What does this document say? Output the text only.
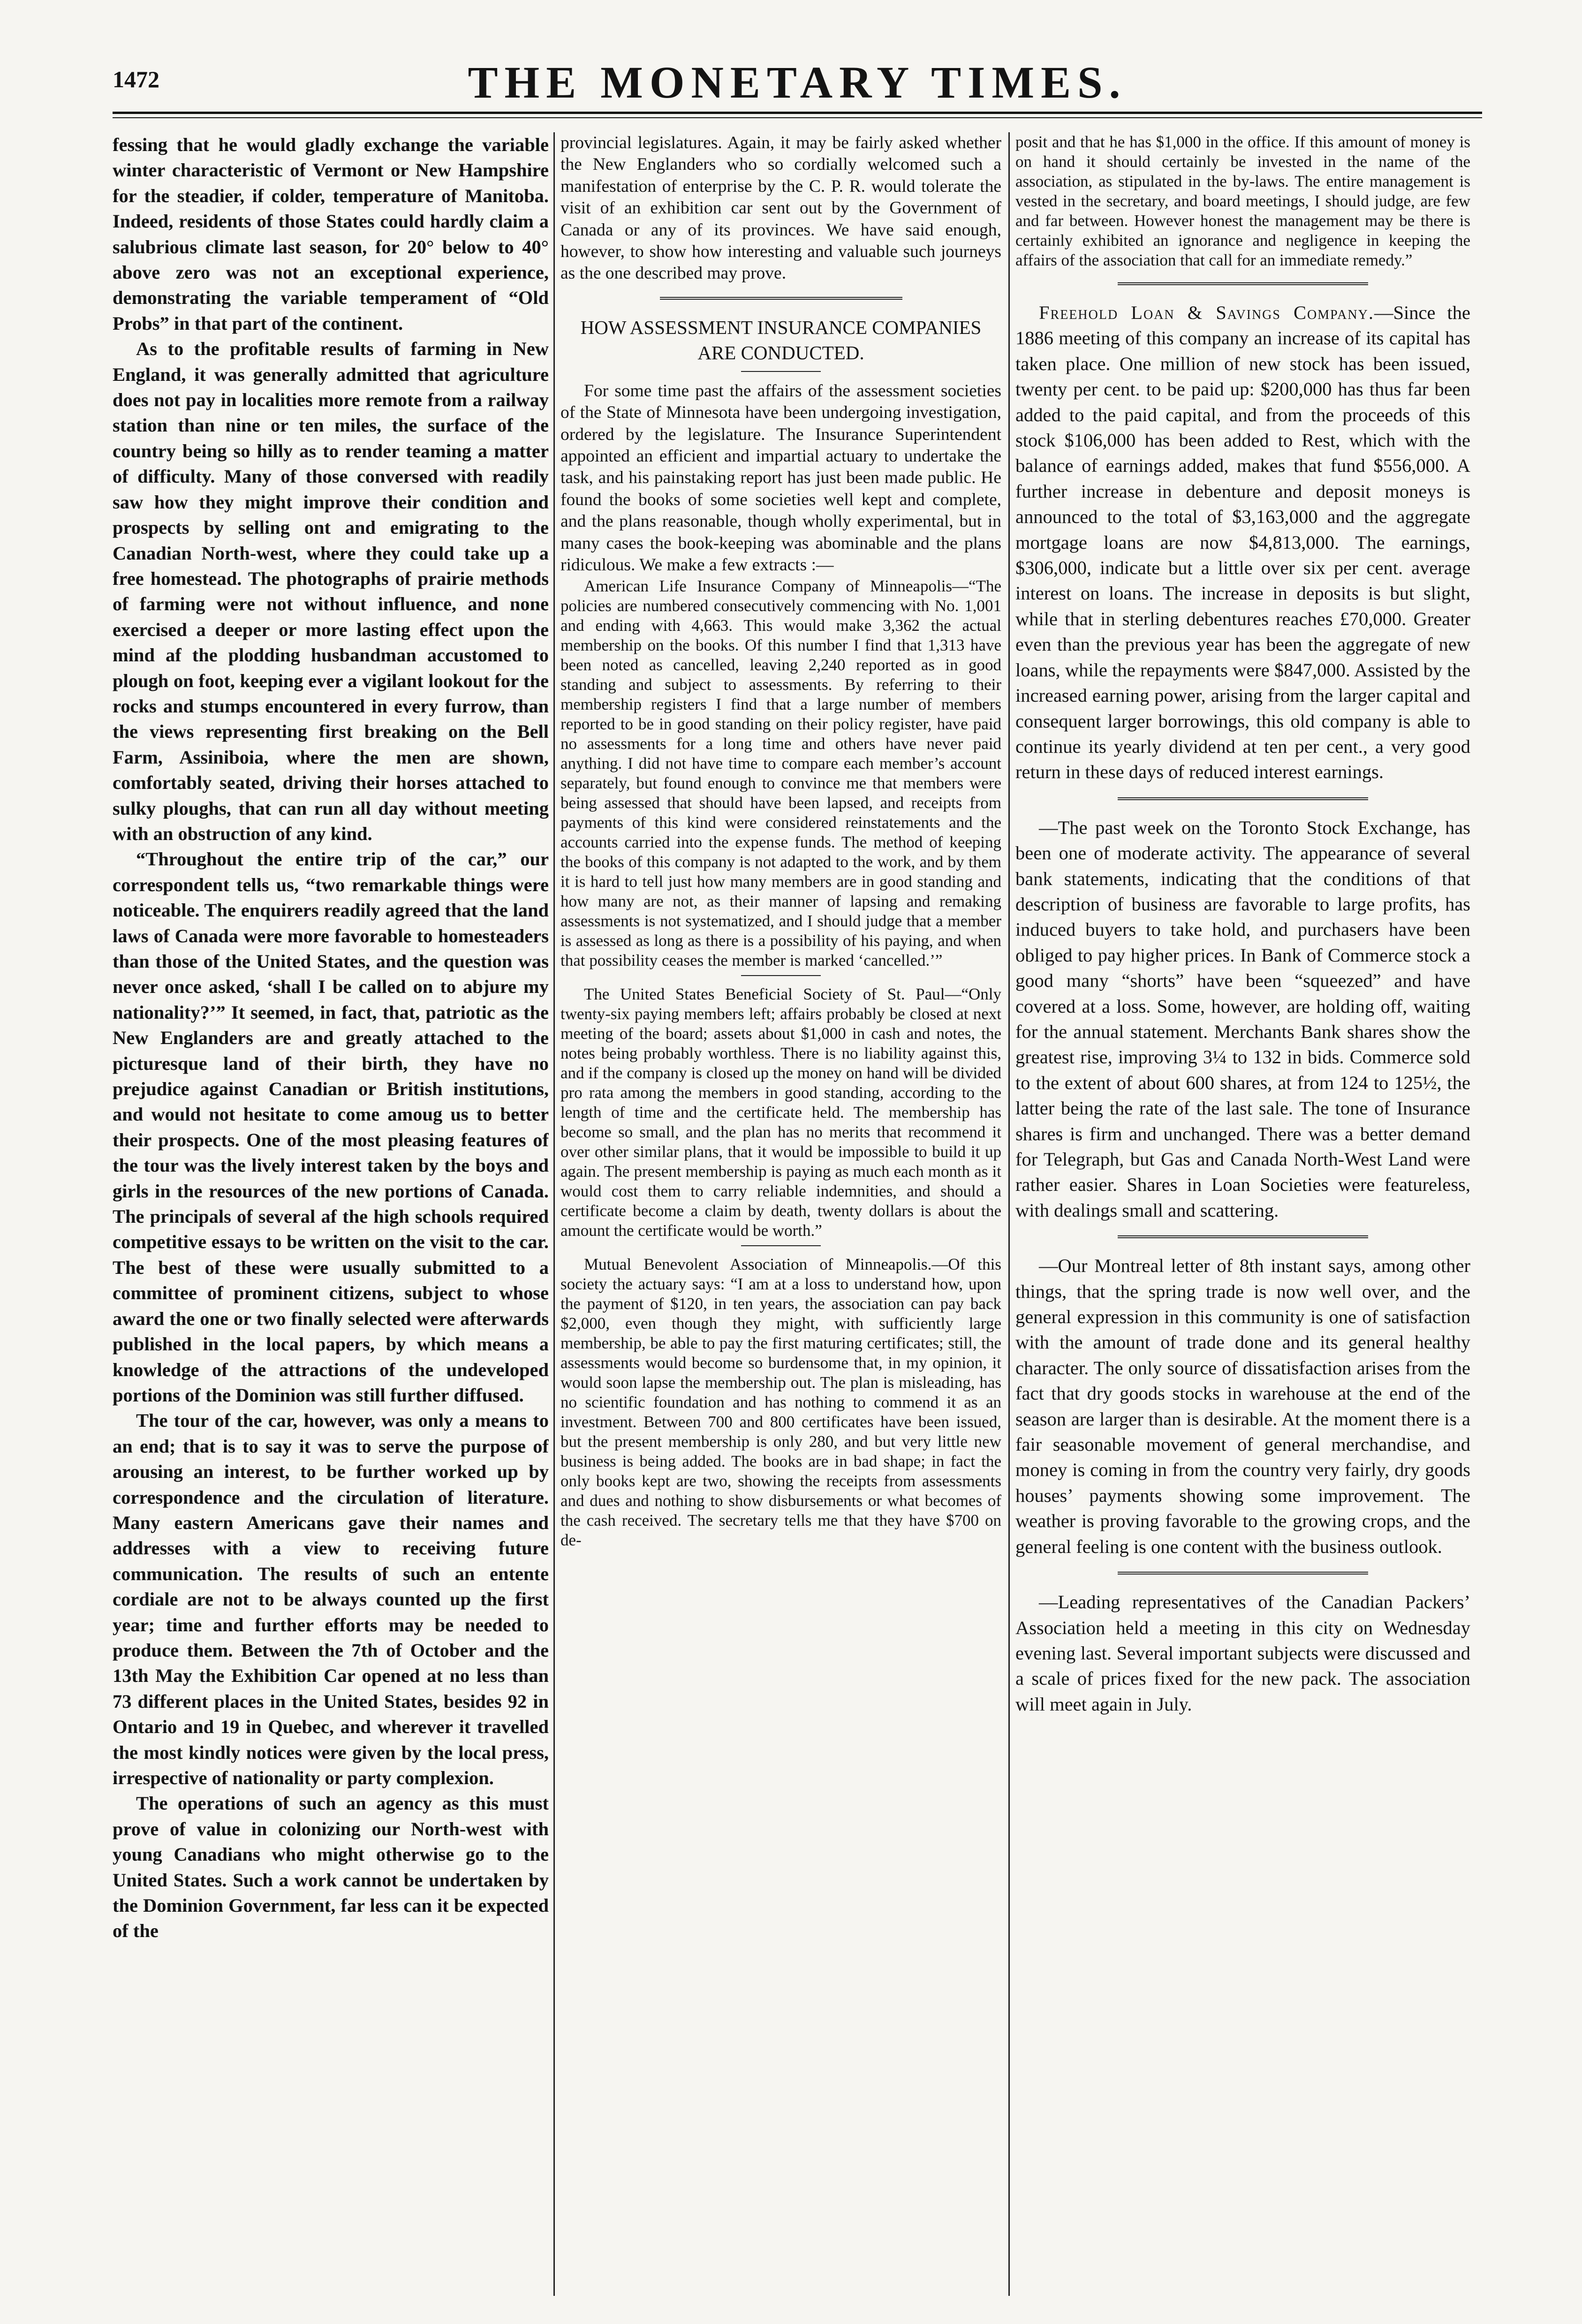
1472	THE MONETARY TIMES.

fessing that he would gladly exchange the variable winter characteristic of Vermont or New Hampshire for the steadier, if colder, temperature of Manitoba. Indeed, residents of those States could hardly claim a salubrious climate last season, for 20° below to 40° above zero was not an exceptional experience, demonstrating the variable temperament of “Old Probs” in that part of the continent.

As to the profitable results of farming in New England, it was generally admitted that agriculture does not pay in localities more remote from a railway station than nine or ten miles, the surface of the country being so hilly as to render teaming a matter of difficulty. Many of those conversed with readily saw how they might improve their condition and prospects by selling ont and emigrating to the Canadian North-west, where they could take up a free homestead. The photographs of prairie methods of farming were not without influence, and none exercised a deeper or more lasting effect upon the mind af the plodding husbandman accustomed to plough on foot, keeping ever a vigilant lookout for the rocks and stumps encountered in every furrow, than the views representing first breaking on the Bell Farm, Assiniboia, where the men are shown, comfortably seated, driving their horses attached to sulky ploughs, that can run all day without meeting with an obstruction of any kind.

“Throughout the entire trip of the car,” our correspondent tells us, “two remarkable things were noticeable. The enquirers readily agreed that the land laws of Canada were more favorable to homesteaders than those of the United States, and the question was never once asked, ‘shall I be called on to abjure my nationality?’” It seemed, in fact, that, patriotic as the New Englanders are and greatly attached to the picturesque land of their birth, they have no prejudice against Canadian or British institutions, and would not hesitate to come amoug us to better their prospects. One of the most pleasing features of the tour was the lively interest taken by the boys and girls in the resources of the new portions of Canada. The principals of several af the high schools required competitive essays to be written on the visit to the car. The best of these were usually submitted to a committee of prominent citizens, subject to whose award the one or two finally selected were afterwards published in the local papers, by which means a knowledge of the attractions of the undeveloped portions of the Dominion was still further diffused.

The tour of the car, however, was only a means to an end; that is to say it was to serve the purpose of arousing an interest, to be further worked up by correspondence and the circulation of literature. Many eastern Americans gave their names and addresses with a view to receiving future communication. The results of such an entente cordiale are not to be always counted up the first year; time and further efforts may be needed to produce them. Between the 7th of October and the 13th May the Exhibition Car opened at no less than 73 different places in the United States, besides 92 in Ontario and 19 in Quebec, and wherever it travelled the most kindly notices were given by the local press, irrespective of nationality or party complexion.

The operations of such an agency as this must prove of value in colonizing our North-west with young Canadians who might otherwise go to the United States. Such a work cannot be undertaken by the Dominion Government, far less can it be expected of the

provincial legislatures. Again, it may be fairly asked whether the New Englanders who so cordially welcomed such a manifestation of enterprise by the C. P. R. would tolerate the visit of an exhibition car sent out by the Government of Canada or any of its provinces. We have said enough, however, to show how interesting and valuable such journeys as the one described may prove.

HOW ASSESSMENT INSURANCE COMPANIES ARE CONDUCTED.

For some time past the affairs of the assessment societies of the State of Minnesota have been undergoing investigation, ordered by the legislature. The Insurance Superintendent appointed an efficient and impartial actuary to undertake the task, and his painstaking report has just been made public. He found the books of some societies well kept and complete, and the plans reasonable, though wholly experimental, but in many cases the book-keeping was abominable and the plans ridiculous. We make a few extracts :—

American Life Insurance Company of Minneapolis—“The policies are numbered consecutively commencing with No. 1,001 and ending with 4,663. This would make 3,362 the actual membership on the books. Of this number I find that 1,313 have been noted as cancelled, leaving 2,240 reported as in good standing and subject to assessments. By referring to their membership registers I find that a large number of members reported to be in good standing on their policy register, have paid no assessments for a long time and others have never paid anything. I did not have time to compare each member’s account separately, but found enough to convince me that members were being assessed that should have been lapsed, and receipts from payments of this kind were considered reinstatements and the accounts carried into the expense funds. The method of keeping the books of this company is not adapted to the work, and by them it is hard to tell just how many members are in good standing and how many are not, as their manner of lapsing and remaking assessments is not systematized, and I should judge that a member is assessed as long as there is a possibility of his paying, and when that possibility ceases the member is marked ‘cancelled.’”

The United States Beneficial Society of St. Paul—“Only twenty-six paying members left; affairs probably be closed at next meeting of the board; assets about $1,000 in cash and notes, the notes being probably worthless. There is no liability against this, and if the company is closed up the money on hand will be divided pro rata among the members in good standing, according to the length of time and the certificate held. The membership has become so small, and the plan has no merits that recommend it over other similar plans, that it would be impossible to build it up again. The present membership is paying as much each month as it would cost them to carry reliable indemnities, and should a certificate become a claim by death, twenty dollars is about the amount the certificate would be worth.”

Mutual Benevolent Association of Minneapolis.—Of this society the actuary says: “I am at a loss to understand how, upon the payment of $120, in ten years, the association can pay back $2,000, even though they might, with sufficiently large membership, be able to pay the first maturing certificates; still, the assessments would become so burdensome that, in my opinion, it would soon lapse the membership out. The plan is misleading, has no scientific foundation and has nothing to commend it as an investment. Between 700 and 800 certificates have been issued, but the present membership is only 280, and but very little new business is being added. The books are in bad shape; in fact the only books kept are two, showing the receipts from assessments and dues and nothing to show disbursements or what becomes of the cash received. The secretary tells me that they have $700 on de-

posit and that he has $1,000 in the office. If this amount of money is on hand it should certainly be invested in the name of the association, as stipulated in the by-laws. The entire management is vested in the secretary, and board meetings, I should judge, are few and far between. However honest the management may be there is certainly exhibited an ignorance and negligence in keeping the affairs of the association that call for an immediate remedy.”

Freehold Loan & Savings Company.—Since the 1886 meeting of this company an increase of its capital has taken place. One million of new stock has been issued, twenty per cent. to be paid up: $200,000 has thus far been added to the paid capital, and from the proceeds of this stock $106,000 has been added to Rest, which with the balance of earnings added, makes that fund $556,000. A further increase in debenture and deposit moneys is announced to the total of $3,163,000 and the aggregate mortgage loans are now $4,813,000. The earnings, $306,000, indicate but a little over six per cent. average interest on loans. The increase in deposits is but slight, while that in sterling debentures reaches £70,000. Greater even than the previous year has been the aggregate of new loans, while the repayments were $847,000. Assisted by the increased earning power, arising from the larger capital and consequent larger borrowings, this old company is able to continue its yearly dividend at ten per cent., a very good return in these days of reduced interest earnings.

—The past week on the Toronto Stock Exchange, has been one of moderate activity. The appearance of several bank statements, indicating that the conditions of that description of business are favorable to large profits, has induced buyers to take hold, and purchasers have been obliged to pay higher prices. In Bank of Commerce stock a good many “shorts” have been “squeezed” and have covered at a loss. Some, however, are holding off, waiting for the annual statement. Merchants Bank shares show the greatest rise, improving 3¼ to 132 in bids. Commerce sold to the extent of about 600 shares, at from 124 to 125½, the latter being the rate of the last sale. The tone of Insurance shares is firm and unchanged. There was a better demand for Telegraph, but Gas and Canada North-West Land were rather easier. Shares in Loan Societies were featureless, with dealings small and scattering.

—Our Montreal letter of 8th instant says, among other things, that the spring trade is now well over, and the general expression in this community is one of satisfaction with the amount of trade done and its general healthy character. The only source of dissatisfaction arises from the fact that dry goods stocks in warehouse at the end of the season are larger than is desirable. At the moment there is a fair seasonable movement of general merchandise, and money is coming in from the country very fairly, dry goods houses’ payments showing some improvement. The weather is proving favorable to the growing crops, and the general feeling is one content with the business outlook.

—Leading representatives of the Canadian Packers’ Association held a meeting in this city on Wednesday evening last. Several important subjects were discussed and a scale of prices fixed for the new pack. The association will meet again in July.
